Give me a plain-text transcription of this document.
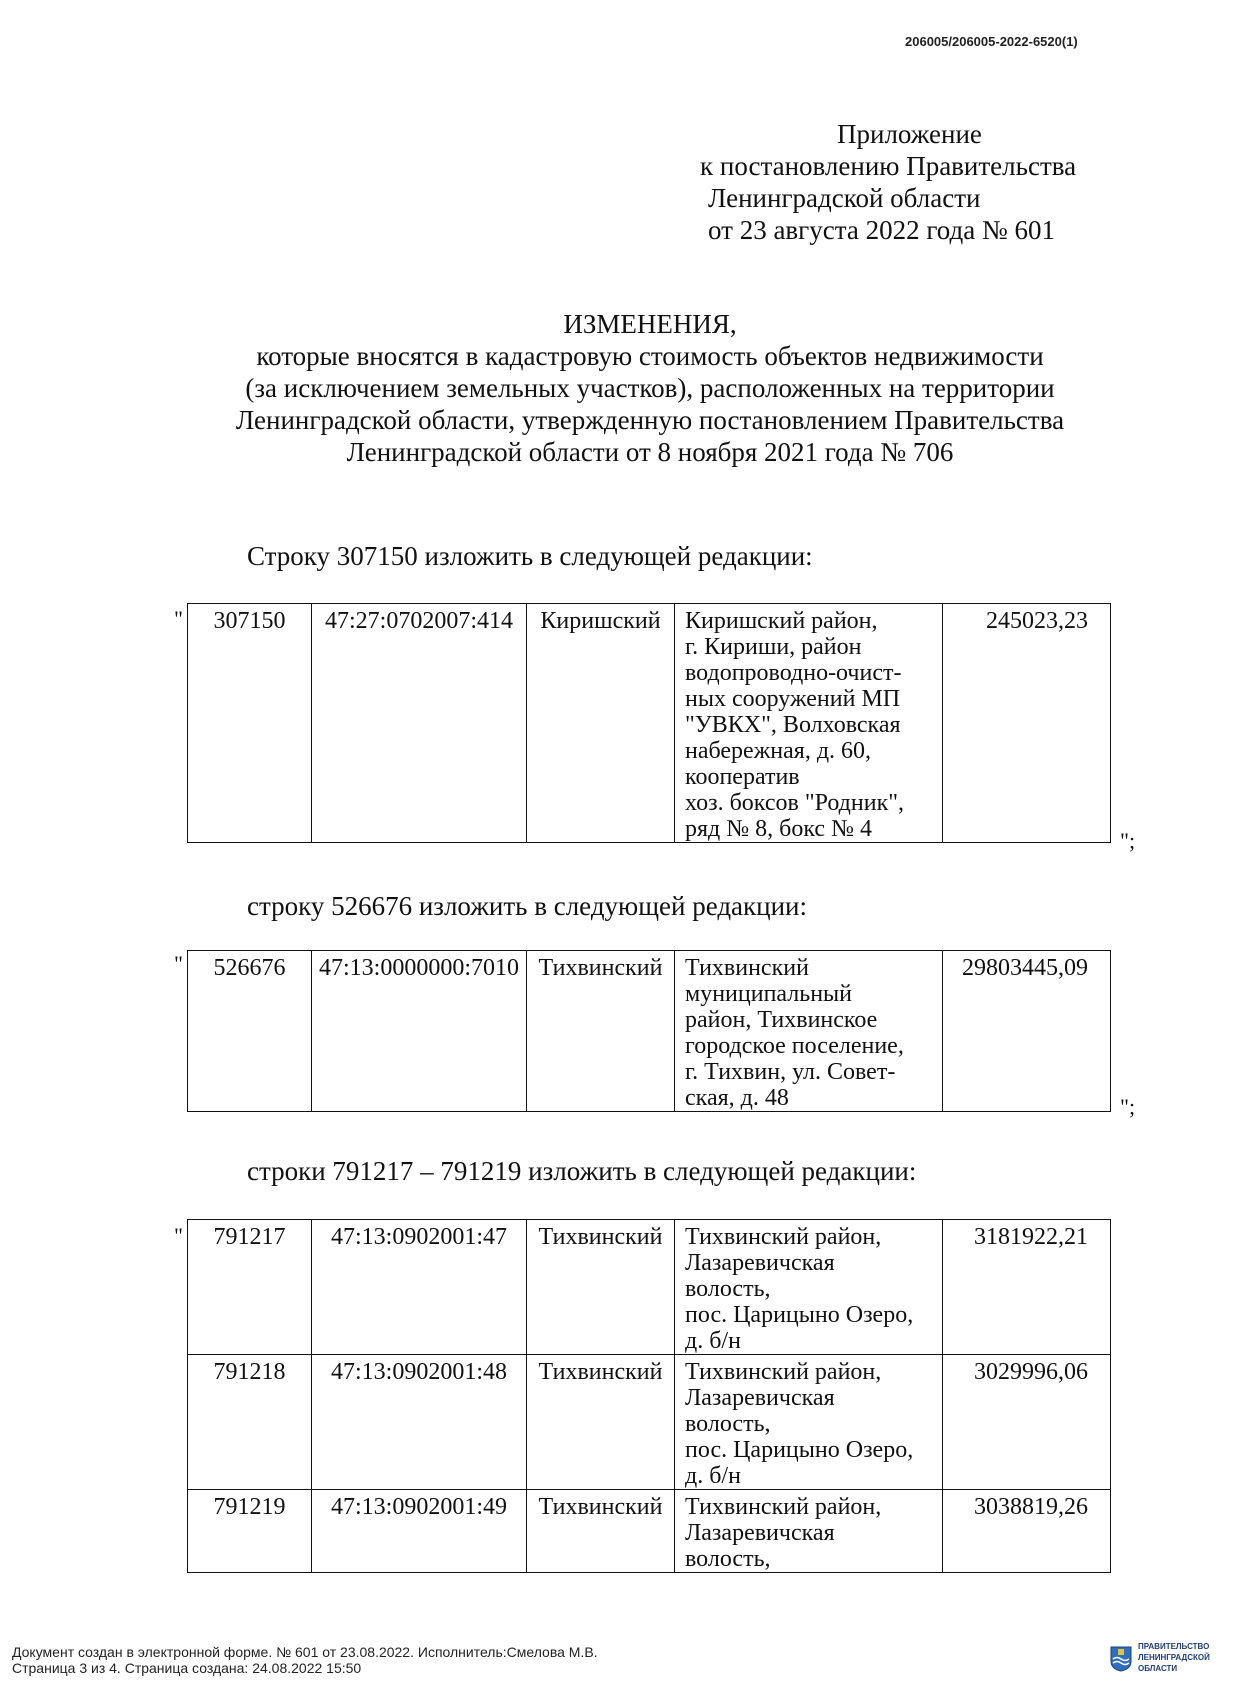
206005/206005-2022-6520(1)
Приложение
к постановлению Правительства
Ленинградской области
от 23 августа 2022 года № 601
ИЗМЕНЕНИЯ,
которые вносятся в кадастровую стоимость объектов недвижимости
(за исключением земельных участков), расположенных на территории
Ленинградской области, утвержденную постановлением Правительства
Ленинградской области от 8 ноября 2021 года № 706
Строку 307150 изложить в следующей редакции:
" 307150	47:27:0702007:414	Киришский	Киришский район,
г. Кириши, район
водопроводно-очист-
ных сооружений МП
"УВКХ", Волховская
набережная, д. 60,
кооператив
хоз. боксов "Родник",
ряд № 8, бокс № 4
	245023,23
";
строку 526676 изложить в следующей редакции:
" 526676	47:13:0000000:7010	Тихвинский	Тихвинский
муниципальный
район, Тихвинское
городское поселение,
г. Тихвин, ул. Совет-
ская, д. 48
	29803445,09
";
строки 791217 – 791219 изложить в следующей редакции:
" 791217	47:13:0902001:47	Тихвинский	Тихвинский район,
Лазаревичская
волость,
пос. Царицыно Озеро,
д. б/н	3181922,21
791218	47:13:0902001:48	Тихвинский	Тихвинский район,
Лазаревичская
волость,
пос. Царицыно Озеро,
д. б/н	3029996,06
791219	47:13:0902001:49	Тихвинский	Тихвинский район,
Лазаревичская
волость,	3038819,26
Документ создан в электронной форме. № 601 от 23.08.2022. Исполнитель:Смелова М.В.
Страница 3 из 4. Страница создана: 24.08.2022 15:50
ПРАВИТЕЛЬСТВО
ЛЕНИНГРАДСКОЙ
ОБЛАСТИ
